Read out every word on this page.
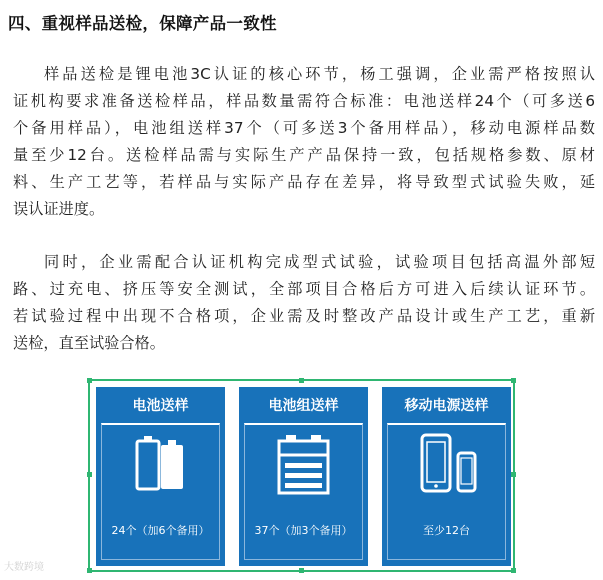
四、重视样品送检，保障产品一致性
样品送检是锂电池3C认证的核心环节，杨工强调，企业需严格按照认
证机构要求准备送检样品，样品数量需符合标准：电池送样24个（可多送6
个备用样品），电池组送样37个（可多送3个备用样品），移动电源样品数
量至少12台。送检样品需与实际生产产品保持一致，包括规格参数、原材
料、生产工艺等，若样品与实际产品存在差异，将导致型式试验失败，延
误认证进度。
同时，企业需配合认证机构完成型式试验，试验项目包括高温外部短
路、过充电、挤压等安全测试，全部项目合格后方可进入后续认证环节。
若试验过程中出现不合格项，企业需及时整改产品设计或生产工艺，重新
送检，直至试验合格。
电池送样
24个（加6个备用）
电池组送样
37个（加3个备用）
移动电源送样
至少12台
大数跨境
